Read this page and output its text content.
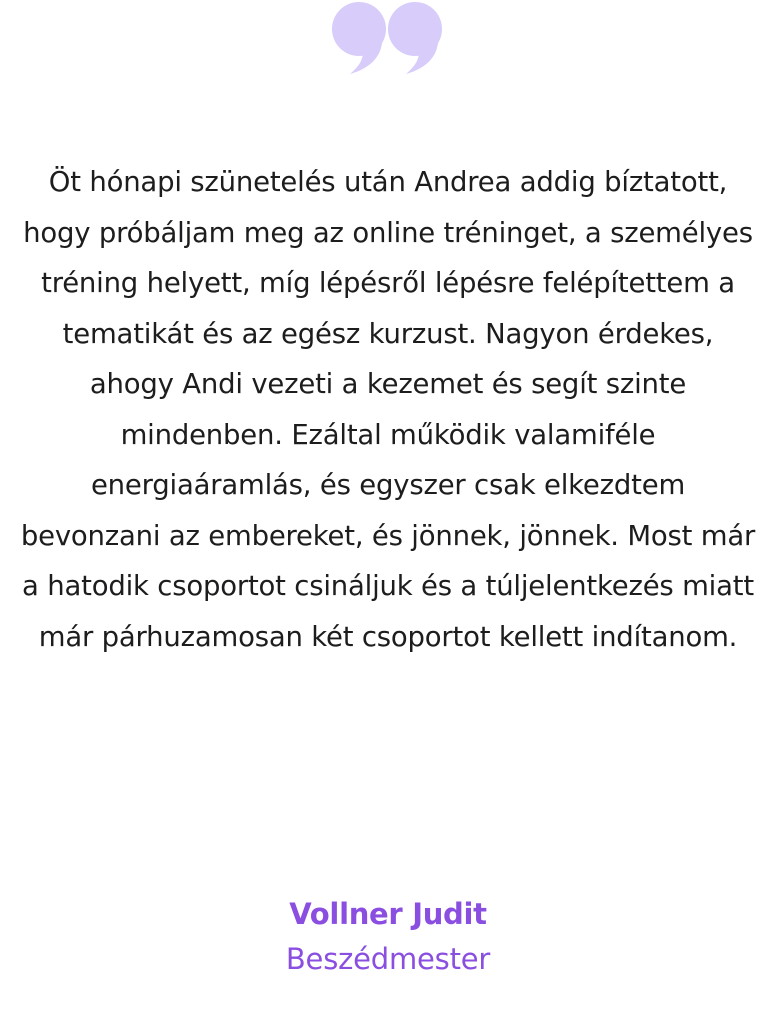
Öt hónapi szünetelés után Andrea addig bíztatott, hogy próbáljam meg az online tréninget, a személyes tréning helyett, míg lépésről lépésre felépítettem a tematikát és az egész kurzust. Nagyon érdekes, ahogy Andi vezeti a kezemet és segít szinte mindenben. Ezáltal működik valamiféle energiaáramlás, és egyszer csak elkezdtem bevonzani az embereket, és jönnek, jönnek. Most már a hatodik csoportot csináljuk és a túljelentkezés miatt már párhuzamosan két csoportot kellett indítanom.

Vollner Judit
Beszédmester
